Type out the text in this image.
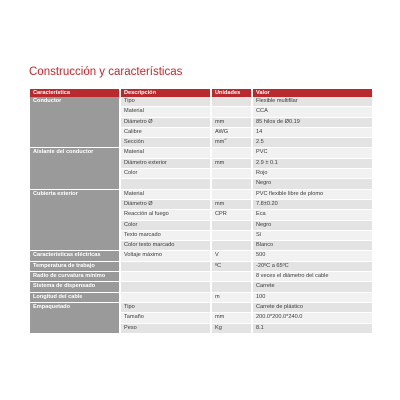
Construcción y características
Característica	Descripción	Unidades	Valor
Conductor	Tipo		Flexible multifilar
	Material		CCA
	Diámetro Ø	mm	85 hilos de Ø0.19
	Calibre	AWG	14
	Sección	$mm^2$	2.5
Aislante del conductor	Material		PVC
	Diámetro exterior	mm	2.9 ± 0.1
	Color		Rojo
			Negro
Cubierta exterior	Material		PVC flexible libre de plomo
	Diámetro Ø	mm	7.8±0.20
	Reacción al fuego	CPR	Eca
	Color		Negro
	Texto marcado		Sí
	Color texto marcado		Blanco
Características eléctricas	Voltaje máximo	V	500
Temperatura de trabajo		ºC	-20ºC a 65ºC
Radio de curvatura mínimo			8 veces el diámetro del cable
Sistema de dispensado			Carrete
Longitud del cable		m	100
Empaquetado	Tipo		Carrete de plástico
	Tamaño	mm	200.0*200.0*240.0
	Peso	Kg	8.1
